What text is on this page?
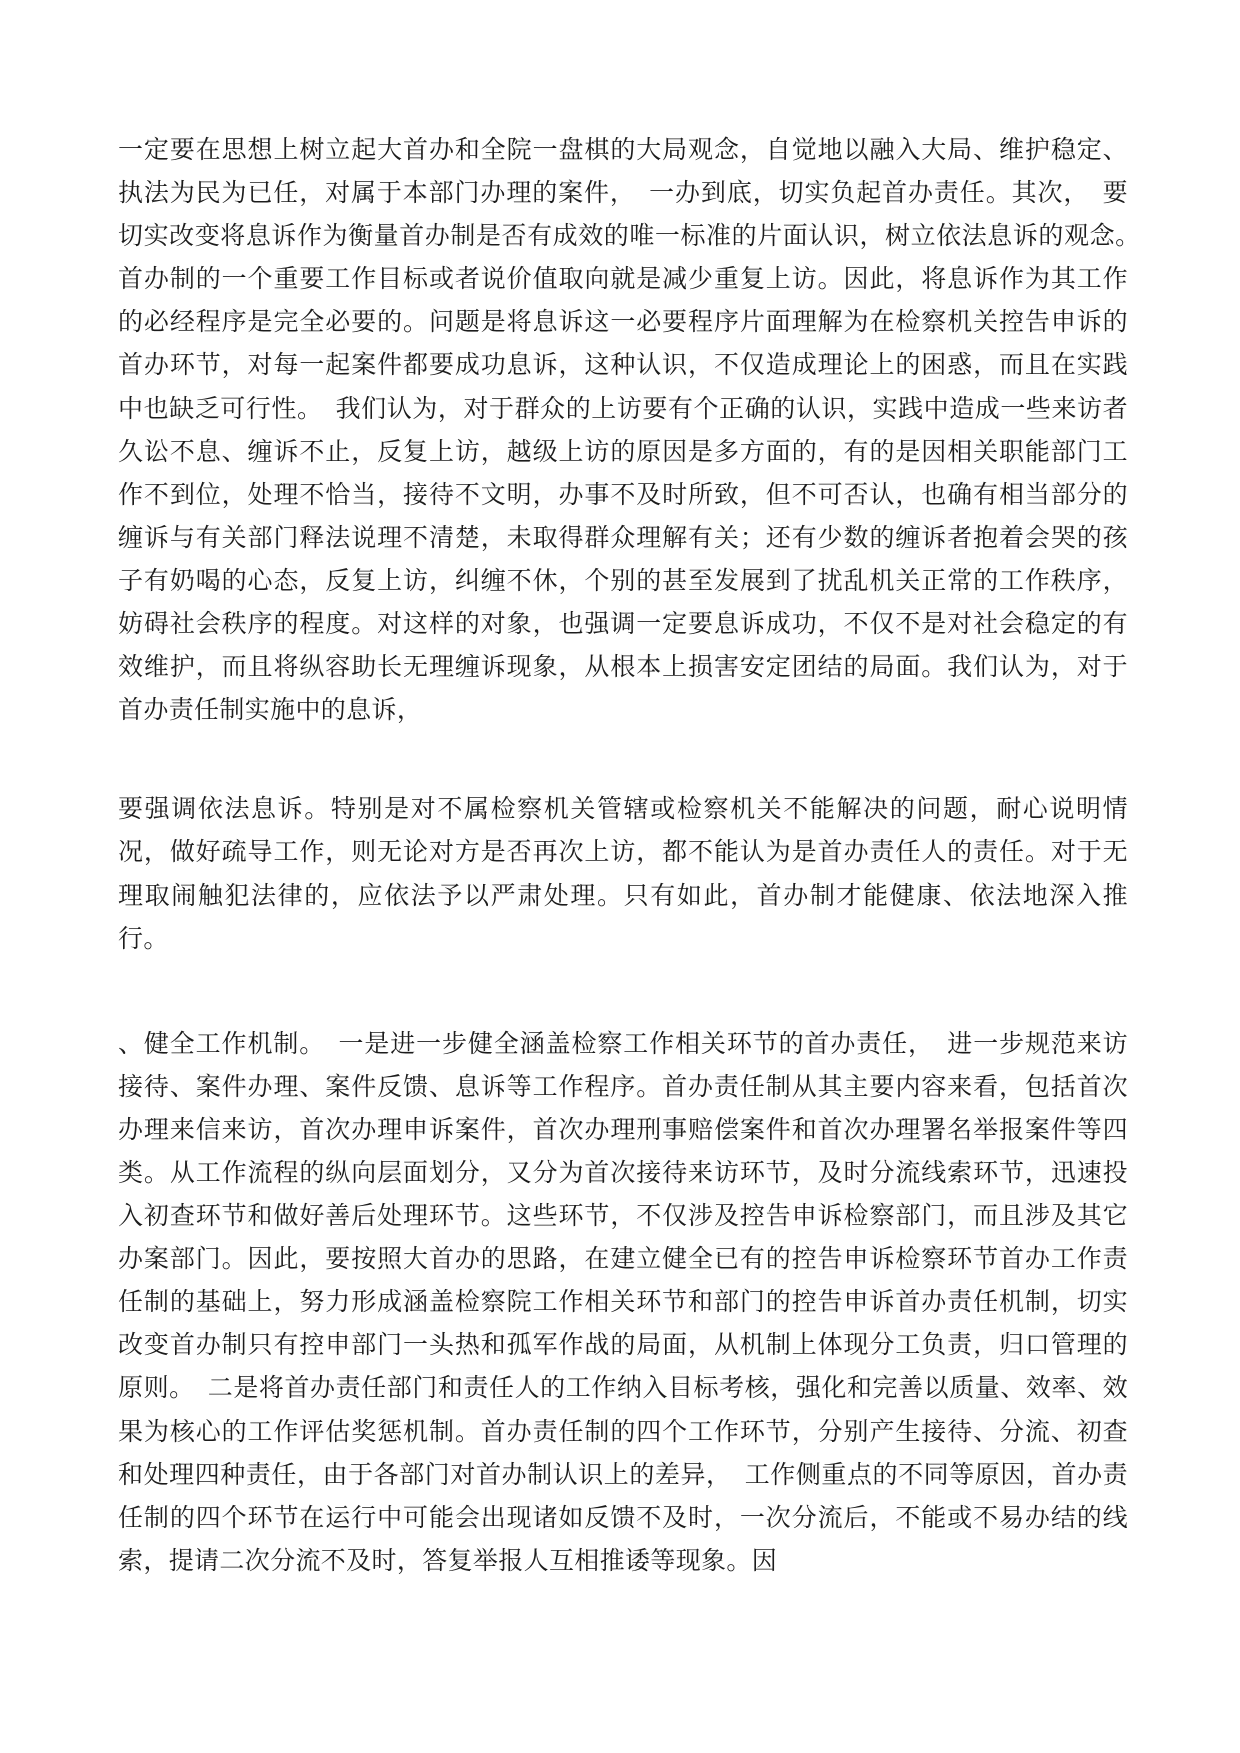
一定要在思想上树立起大首办和全院一盘棋的大局观念，自觉地以融入大局、维护稳定、执法为民为已任，对属于本部门办理的案件，　一办到底，切实负起首办责任。其次，　要切实改变将息诉作为衡量首办制是否有成效的唯一标准的片面认识，树立依法息诉的观念。　首办制的一个重要工作目标或者说价值取向就是减少重复上访。因此，将息诉作为其工作的必经程序是完全必要的。问题是将息诉这一必要程序片面理解为在检察机关控告申诉的首办环节，对每一起案件都要成功息诉，这种认识，不仅造成理论上的困惑，而且在实践中也缺乏可行性。　我们认为，对于群众的上访要有个正确的认识，实践中造成一些来访者久讼不息、缠诉不止，反复上访，越级上访的原因是多方面的，有的是因相关职能部门工作不到位，处理不恰当，接待不文明，办事不及时所致，但不可否认，也确有相当部分的缠诉与有关部门释法说理不清楚，未取得群众理解有关；还有少数的缠诉者抱着会哭的孩子有奶喝的心态，反复上访，纠缠不休，个别的甚至发展到了扰乱机关正常的工作秩序，妨碍社会秩序的程度。对这样的对象，也强调一定要息诉成功，不仅不是对社会稳定的有效维护，而且将纵容助长无理缠诉现象，从根本上损害安定团结的局面。我们认为，对于首办责任制实施中的息诉，

要强调依法息诉。特别是对不属检察机关管辖或检察机关不能解决的问题，耐心说明情况，做好疏导工作，则无论对方是否再次上访，都不能认为是首办责任人的责任。对于无理取闹触犯法律的，应依法予以严肃处理。只有如此，首办制才能健康、依法地深入推行。

、健全工作机制。　一是进一步健全涵盖检察工作相关环节的首办责任，　进一步规范来访接待、案件办理、案件反馈、息诉等工作程序。首办责任制从其主要内容来看，包括首次办理来信来访，首次办理申诉案件，首次办理刑事赔偿案件和首次办理署名举报案件等四类。从工作流程的纵向层面划分，又分为首次接待来访环节，及时分流线索环节，迅速投入初查环节和做好善后处理环节。这些环节，不仅涉及控告申诉检察部门，而且涉及其它办案部门。因此，要按照大首办的思路，在建立健全已有的控告申诉检察环节首办工作责任制的基础上，努力形成涵盖检察院工作相关环节和部门的控告申诉首办责任机制，切实改变首办制只有控申部门一头热和孤军作战的局面，从机制上体现分工负责，归口管理的原则。　二是将首办责任部门和责任人的工作纳入目标考核，强化和完善以质量、效率、效果为核心的工作评估奖惩机制。首办责任制的四个工作环节，分别产生接待、分流、初查和处理四种责任，由于各部门对首办制认识上的差异，　工作侧重点的不同等原因，首办责任制的四个环节在运行中可能会出现诸如反馈不及时，一次分流后，不能或不易办结的线索，提请二次分流不及时，答复举报人互相推诿等现象。因
